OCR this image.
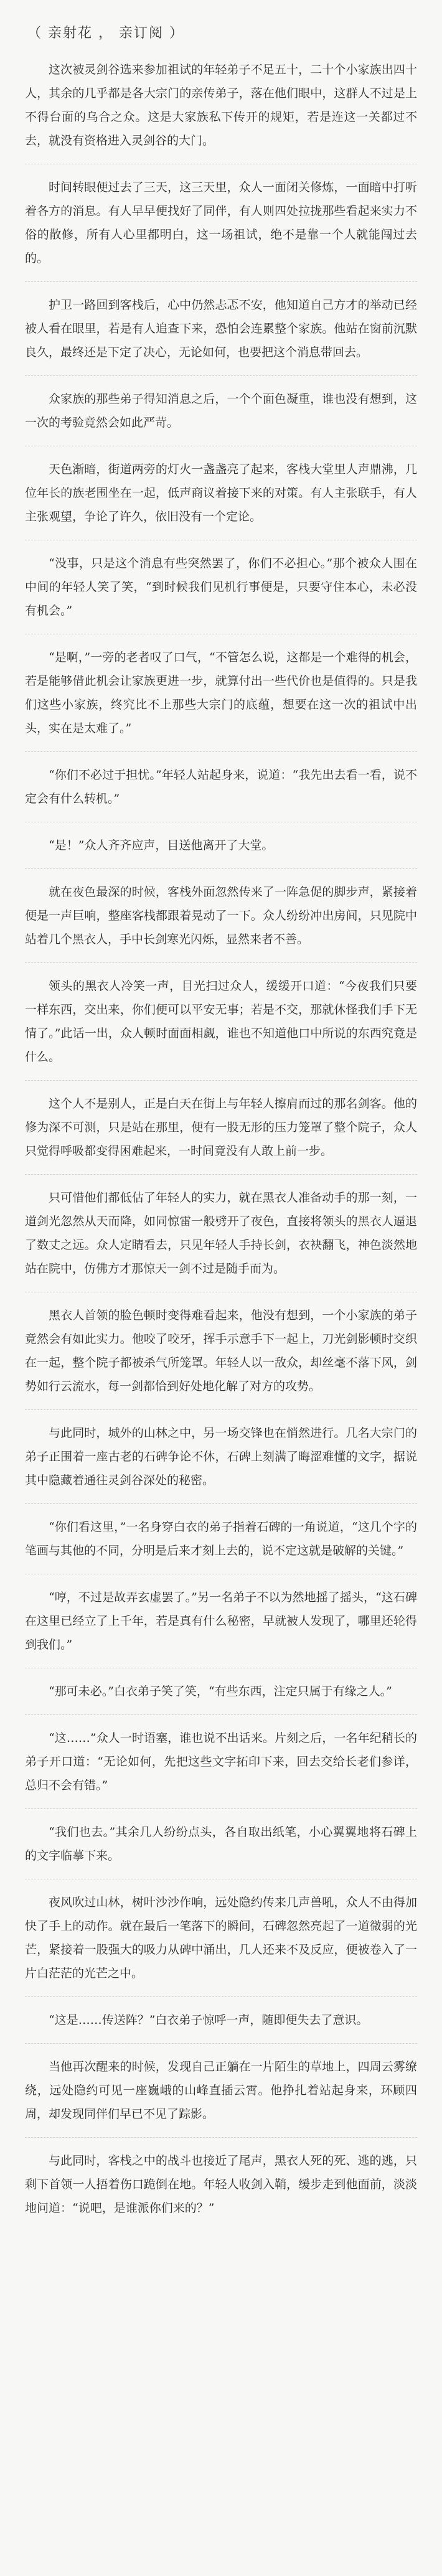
（ 亲射花 ， 亲订阅 ）

这次被灵剑谷选来参加祖试的年轻弟子不足五十，二十个小家族出四十人，其余的几乎都是各大宗门的亲传弟子，落在他们眼中，这群人不过是上不得台面的乌合之众。这是大家族私下传开的规矩，若是连这一关都过不去，就没有资格进入灵剑谷的大门。

时间转眼便过去了三天，这三天里，众人一面闭关修炼，一面暗中打听着各方的消息。有人早早便找好了同伴，有人则四处拉拢那些看起来实力不俗的散修，所有人心里都明白，这一场祖试，绝不是靠一个人就能闯过去的。

护卫一路回到客栈后，心中仍然忐忑不安，他知道自己方才的举动已经被人看在眼里，若是有人追查下来，恐怕会连累整个家族。他站在窗前沉默良久，最终还是下定了决心，无论如何，也要把这个消息带回去。

众家族的那些弟子得知消息之后，一个个面色凝重，谁也没有想到，这一次的考验竟然会如此严苛。

天色渐暗，街道两旁的灯火一盏盏亮了起来，客栈大堂里人声鼎沸，几位年长的族老围坐在一起，低声商议着接下来的对策。有人主张联手，有人主张观望，争论了许久，依旧没有一个定论。

“没事，只是这个消息有些突然罢了，你们不必担心。”那个被众人围在中间的年轻人笑了笑，“到时候我们见机行事便是，只要守住本心，未必没有机会。”

“是啊，”一旁的老者叹了口气，“不管怎么说，这都是一个难得的机会，若是能够借此机会让家族更进一步，就算付出一些代价也是值得的。只是我们这些小家族，终究比不上那些大宗门的底蕴，想要在这一次的祖试中出头，实在是太难了。”

“你们不必过于担忧。”年轻人站起身来，说道：“我先出去看一看，说不定会有什么转机。”

“是！”众人齐齐应声，目送他离开了大堂。

就在夜色最深的时候，客栈外面忽然传来了一阵急促的脚步声，紧接着便是一声巨响，整座客栈都跟着晃动了一下。众人纷纷冲出房间，只见院中站着几个黑衣人，手中长剑寒光闪烁，显然来者不善。

领头的黑衣人冷笑一声，目光扫过众人，缓缓开口道：“今夜我们只要一样东西，交出来，你们便可以平安无事；若是不交，那就休怪我们手下无情了。”此话一出，众人顿时面面相觑，谁也不知道他口中所说的东西究竟是什么。

这个人不是别人，正是白天在街上与年轻人擦肩而过的那名剑客。他的修为深不可测，只是站在那里，便有一股无形的压力笼罩了整个院子，众人只觉得呼吸都变得困难起来，一时间竟没有人敢上前一步。

只可惜他们都低估了年轻人的实力，就在黑衣人准备动手的那一刻，一道剑光忽然从天而降，如同惊雷一般劈开了夜色，直接将领头的黑衣人逼退了数丈之远。众人定睛看去，只见年轻人手持长剑，衣袂翻飞，神色淡然地站在院中，仿佛方才那惊天一剑不过是随手而为。

黑衣人首领的脸色顿时变得难看起来，他没有想到，一个小家族的弟子竟然会有如此实力。他咬了咬牙，挥手示意手下一起上，刀光剑影顿时交织在一起，整个院子都被杀气所笼罩。年轻人以一敌众，却丝毫不落下风，剑势如行云流水，每一剑都恰到好处地化解了对方的攻势。

与此同时，城外的山林之中，另一场交锋也在悄然进行。几名大宗门的弟子正围着一座古老的石碑争论不休，石碑上刻满了晦涩难懂的文字，据说其中隐藏着通往灵剑谷深处的秘密。

“你们看这里，”一名身穿白衣的弟子指着石碑的一角说道，“这几个字的笔画与其他的不同，分明是后来才刻上去的，说不定这就是破解的关键。”

“哼，不过是故弄玄虚罢了。”另一名弟子不以为然地摇了摇头，“这石碑在这里已经立了上千年，若是真有什么秘密，早就被人发现了，哪里还轮得到我们。”

“那可未必。”白衣弟子笑了笑，“有些东西，注定只属于有缘之人。”

“这……”众人一时语塞，谁也说不出话来。片刻之后，一名年纪稍长的弟子开口道：“无论如何，先把这些文字拓印下来，回去交给长老们参详，总归不会有错。”

“我们也去。”其余几人纷纷点头，各自取出纸笔，小心翼翼地将石碑上的文字临摹下来。

夜风吹过山林，树叶沙沙作响，远处隐约传来几声兽吼，众人不由得加快了手上的动作。就在最后一笔落下的瞬间，石碑忽然亮起了一道微弱的光芒，紧接着一股强大的吸力从碑中涌出，几人还来不及反应，便被卷入了一片白茫茫的光芒之中。

“这是……传送阵？”白衣弟子惊呼一声，随即便失去了意识。

当他再次醒来的时候，发现自己正躺在一片陌生的草地上，四周云雾缭绕，远处隐约可见一座巍峨的山峰直插云霄。他挣扎着站起身来，环顾四周，却发现同伴们早已不见了踪影。

与此同时，客栈之中的战斗也接近了尾声，黑衣人死的死、逃的逃，只剩下首领一人捂着伤口跪倒在地。年轻人收剑入鞘，缓步走到他面前，淡淡地问道：“说吧，是谁派你们来的？”
